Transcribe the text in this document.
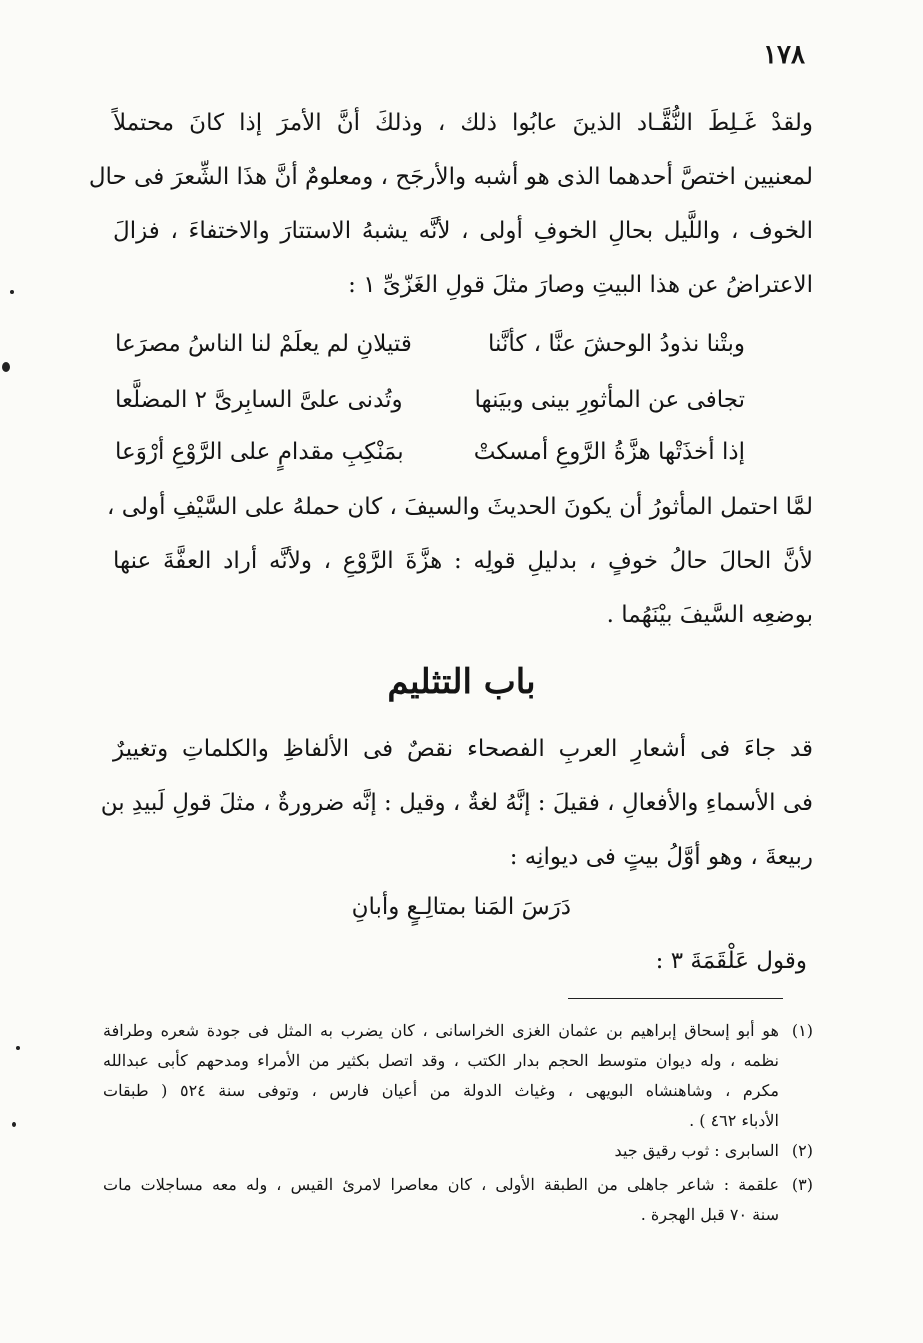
١٧٨
ولقدْ غَـلِطَ النُّقَّـاد الذينَ عابُوا ذلك ، وذلكَ أنَّ الأمرَ إذا كانَ محتملاً
لمعنيين اختصَّ أحدهما الذى هو أشبه والأرجَح ، ومعلومٌ أنَّ هذَا الشِّعرَ فى حال
الخوف ، واللَّيل بحالِ الخوفِ أولى ، لأنَّه يشبهُ الاستتارَ والاختفاءَ ، فزالَ
الاعتراضُ عن هذا البيتِ وصارَ مثلَ قولِ الغَزّىِّ ١ :
وبتْنا نذودُ الوحشَ عنَّا ، كأنَّنا
قتيلانِ لم يعلَمْ لنا الناسُ مصرَعا
تجافى عن المأثورِ بينى وبيَنها
وتُدنى علىَّ السابِرىَّ ٢ المضلَّعا
إذا أخذَتْها هزَّةُ الرَّوعِ أمسكتْ
بمَنْكِبِ مقدامٍ على الرَّوْعِ أرْوَعا
لمَّا احتمل المأثورُ أن يكونَ الحديثَ والسيفَ ، كان حملهُ على السَّيْفِ أولى ،
لأنَّ الحالَ حالُ خوفٍ ، بدليلِ قولِه : هزَّةَ الرَّوْعِ ، ولأنَّه أراد العفَّةَ عنها
بوضعِه السَّيفَ بيْنَهُما .
باب التثليم
قد جاءَ فى أشعارِ العربِ الفصحاء نقصٌ فى الألفاظِ والكلماتِ وتغييرٌ
فى الأسماءِ والأفعالِ ، فقيلَ : إنَّهُ لغةٌ ، وقيل : إنَّه ضرورةٌ ، مثلَ قولِ لَبيدِ بن
ربيعةَ ، وهو أوَّلُ بيتٍ فى ديوانِه :
دَرَسَ المَنا بمتالِـعٍ وأبانِ
وقول عَلْقَمَةَ ٣ :
(١)
هو أبو إسحاق إبراهيم بن عثمان الغزى الخراسانى ، كان يضرب به المثل فى جودة شعره وطرافة
نظمه ، وله ديوان متوسط الحجم بدار الكتب ، وقد اتصل بكثير من الأمراء ومدحهم كأبى عبدالله
مكرم ، وشاهنشاه البويهى ، وغياث الدولة من أعيان فارس ، وتوفى سنة ٥٢٤ ( طبقات
الأدباء ٤٦٢ ) .
(٢)
السابرى : ثوب رقيق جيد
(٣)
علقمة : شاعر جاهلى من الطبقة الأولى ، كان معاصرا لامرئ القيس ، وله معه مساجلات مات
سنة ٧٠ قبل الهجرة .
